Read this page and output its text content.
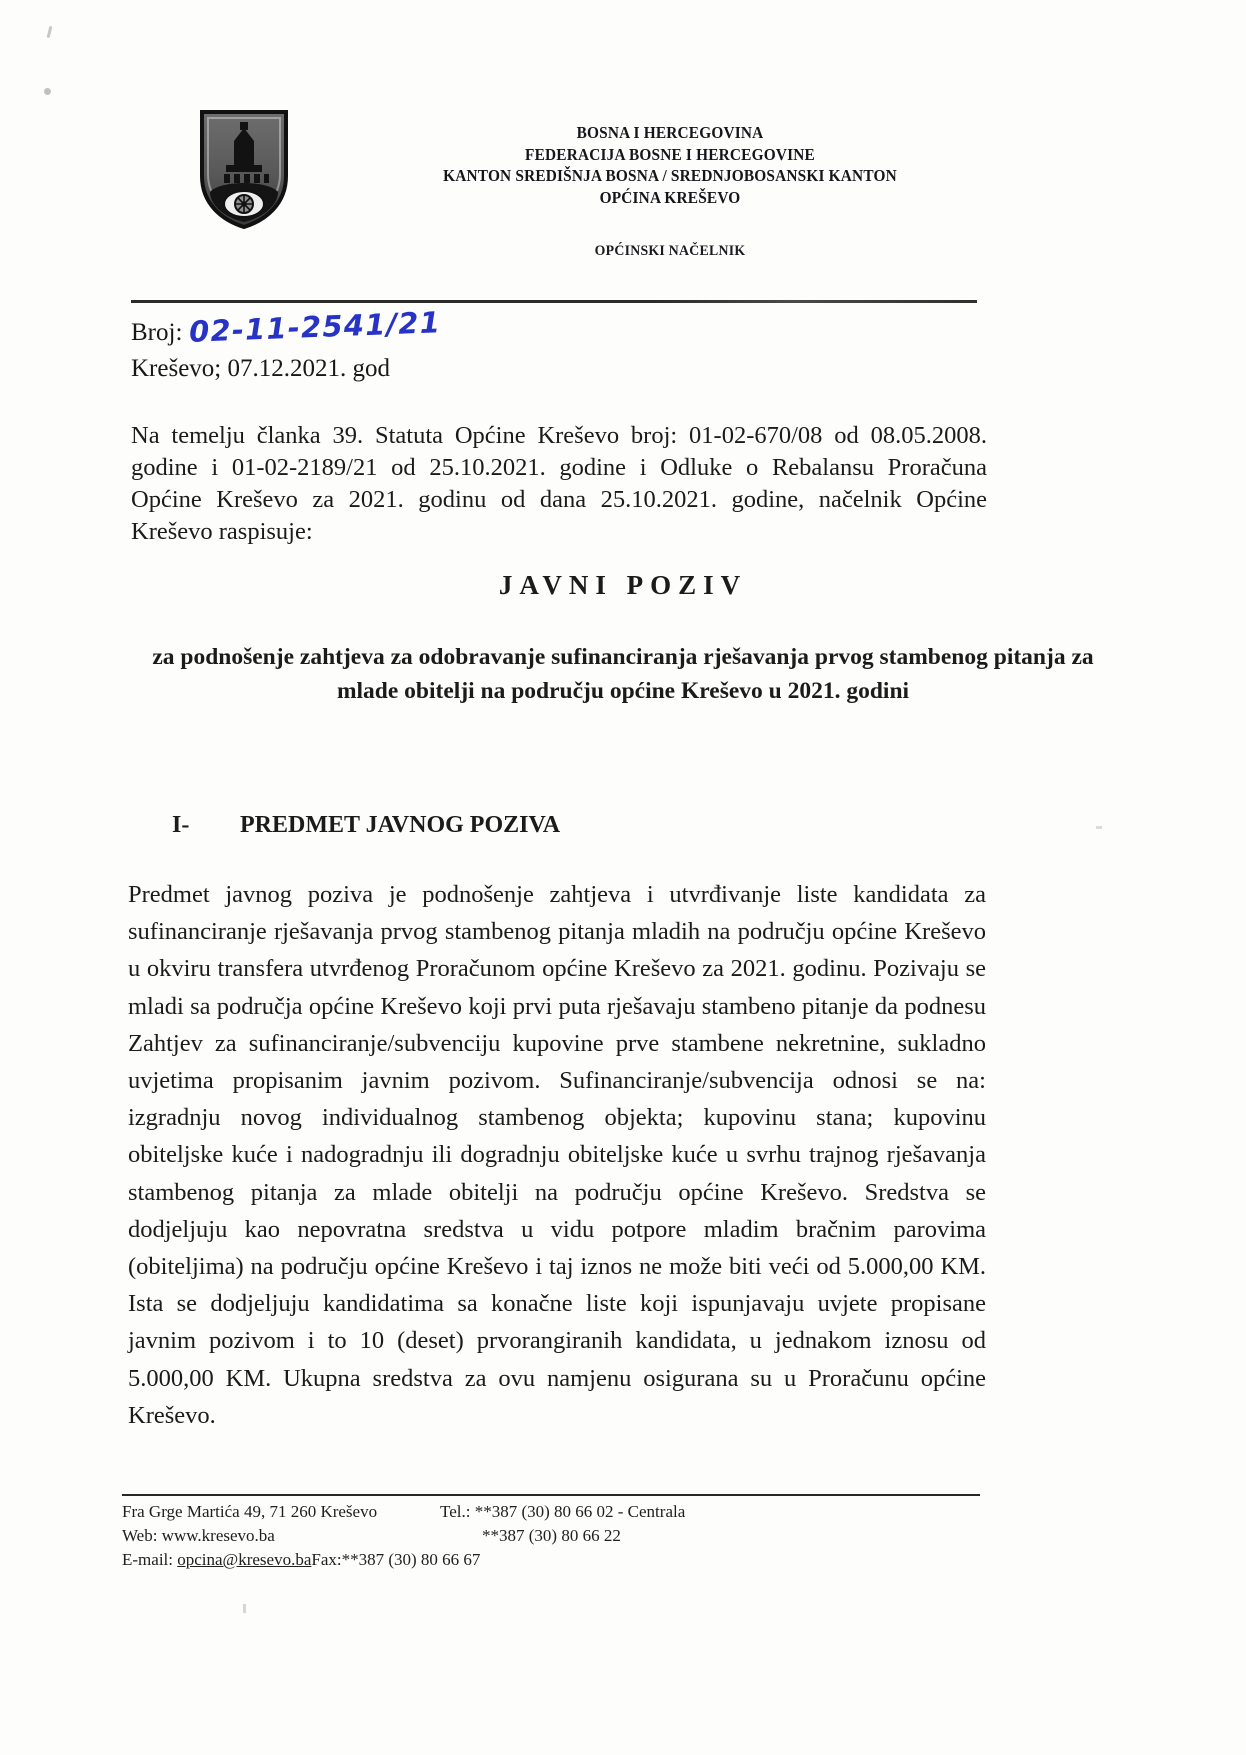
BOSNA I HERCEGOVINA
FEDERACIJA BOSNE I HERCEGOVINE
KANTON SREDIŠNJA BOSNA / SREDNJOBOSANSKI KANTON
OPĆINA KREŠEVO
OPĆINSKI NAČELNIK
Broj: 02-11-2541/21
Kreševo; 07.12.2021. god
Na temelju članka 39. Statuta Općine Kreševo broj: 01-02-670/08 od 08.05.2008. godine i 01-02-2189/21 od 25.10.2021. godine i Odluke o Rebalansu Proračuna Općine Kreševo za 2021. godinu od dana 25.10.2021. godine, načelnik Općine Kreševo raspisuje:
JAVNI POZIV
za podnošenje zahtjeva za odobravanje sufinanciranja rješavanja prvog stambenog pitanja za mlade obitelji na području općine Kreševo u 2021. godini
I- PREDMET JAVNOG POZIVA
Predmet javnog poziva je podnošenje zahtjeva i utvrđivanje liste kandidata za sufinanciranje rješavanja prvog stambenog pitanja mladih na području općine Kreševo u okviru transfera utvrđenog Proračunom općine Kreševo za 2021. godinu. Pozivaju se mladi sa područja općine Kreševo koji prvi puta rješavaju stambeno pitanje da podnesu Zahtjev za sufinanciranje/subvenciju kupovine prve stambene nekretnine, sukladno uvjetima propisanim javnim pozivom. Sufinanciranje/subvencija odnosi se na: izgradnju novog individualnog stambenog objekta; kupovinu stana; kupovinu obiteljske kuće i nadogradnju ili dogradnju obiteljske kuće u svrhu trajnog rješavanja stambenog pitanja za mlade obitelji na području općine Kreševo. Sredstva se dodjeljuju kao nepovratna sredstva u vidu potpore mladim bračnim parovima (obiteljima) na području općine Kreševo i taj iznos ne može biti veći od 5.000,00 KM. Ista se dodjeljuju kandidatima sa konačne liste koji ispunjavaju uvjete propisane javnim pozivom i to 10 (deset) prvorangiranih kandidata, u jednakom iznosu od 5.000,00 KM. Ukupna sredstva za ovu namjenu osigurana su u Proračunu općine Kreševo.
Fra Grge Martića 49, 71 260 Kreševo
Web: www.kresevo.ba
E-mail: opcina@kresevo.baFax:**387 (30) 80 66 67
Tel.: **387 (30) 80 66 02 - Centrala
**387 (30) 80 66 22
